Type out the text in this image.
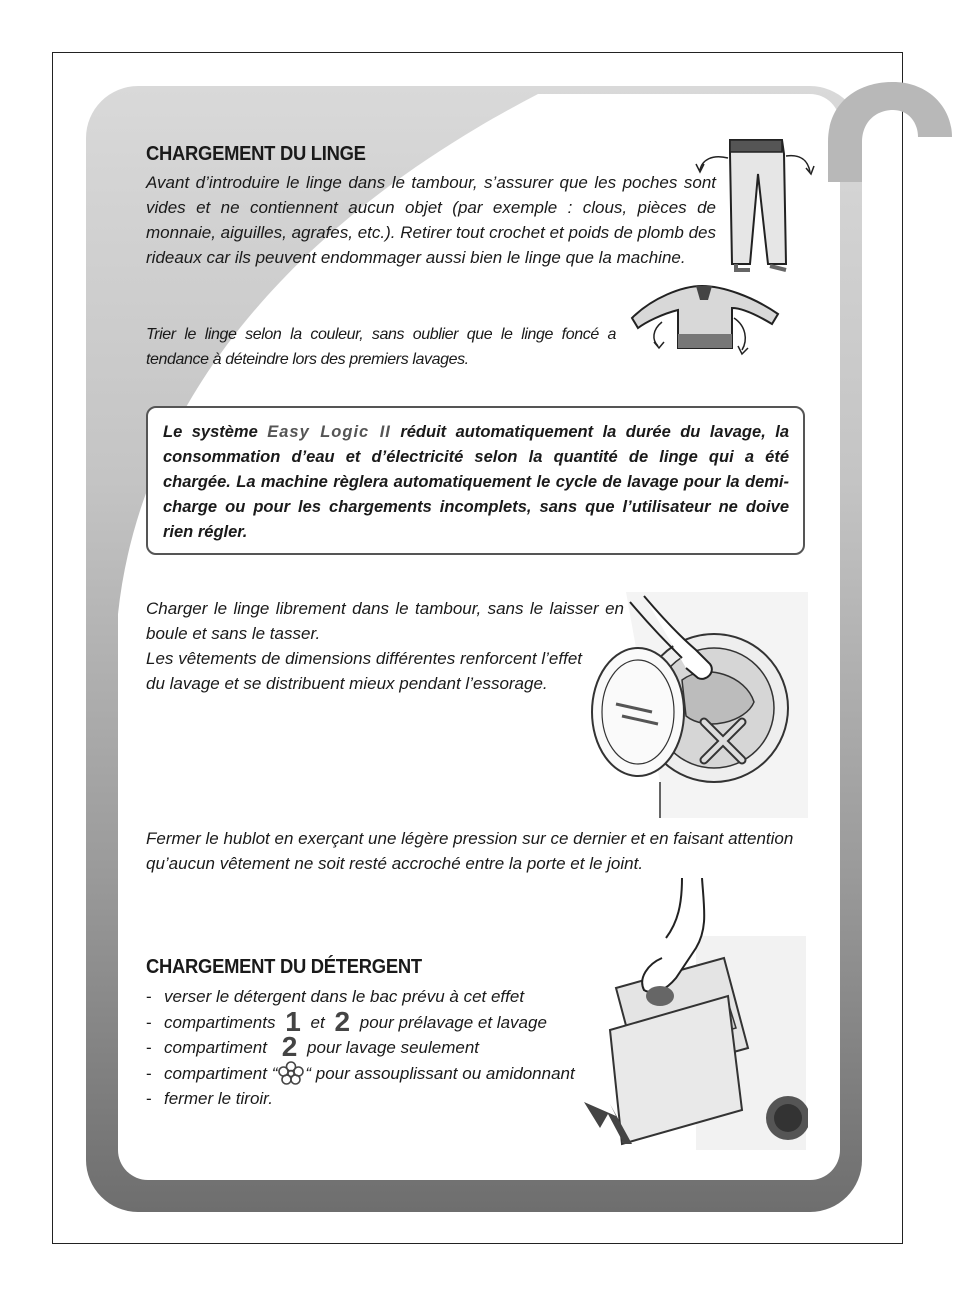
CHARGEMENT DU LINGE

Avant d’introduire le linge dans le tambour, s’assurer que les poches sont vides et ne contiennent aucun objet (par exemple : clous, pièces de monnaie, aiguilles, agrafes, etc.). Retirer tout crochet et poids de plomb des rideaux car ils peuvent endommager aussi bien le linge que la machine.

Trier le linge selon la couleur, sans oublier que le linge foncé a tendance à déteindre lors des premiers lavages.

Le système Easy Logic II réduit automatiquement la durée du lavage, la consommation d’eau et d’électricité selon la quantité de linge qui a été chargée. La machine règlera automatiquement le cycle de lavage pour la demi-charge ou pour les chargements incomplets, sans que l’utilisateur ne doive rien régler.

Charger le linge librement dans le tambour, sans le laisser en boule et sans le tasser.

Les vêtements de dimensions différentes renforcent l’effet du lavage et se distribuent mieux pendant l’essorage.

Fermer le hublot en exerçant une légère pression sur ce dernier et en faisant attention qu’aucun vêtement ne soit resté accroché entre la porte et le joint.

CHARGEMENT DU DÉTERGENT
- verser le détergent dans le bac prévu à cet effet
- compartiments 1 et 2 pour prélavage et lavage
- compartiment 2 pour lavage seulement
- compartiment “ “ pour assouplissant ou amidonnant
- fermer le tiroir.
